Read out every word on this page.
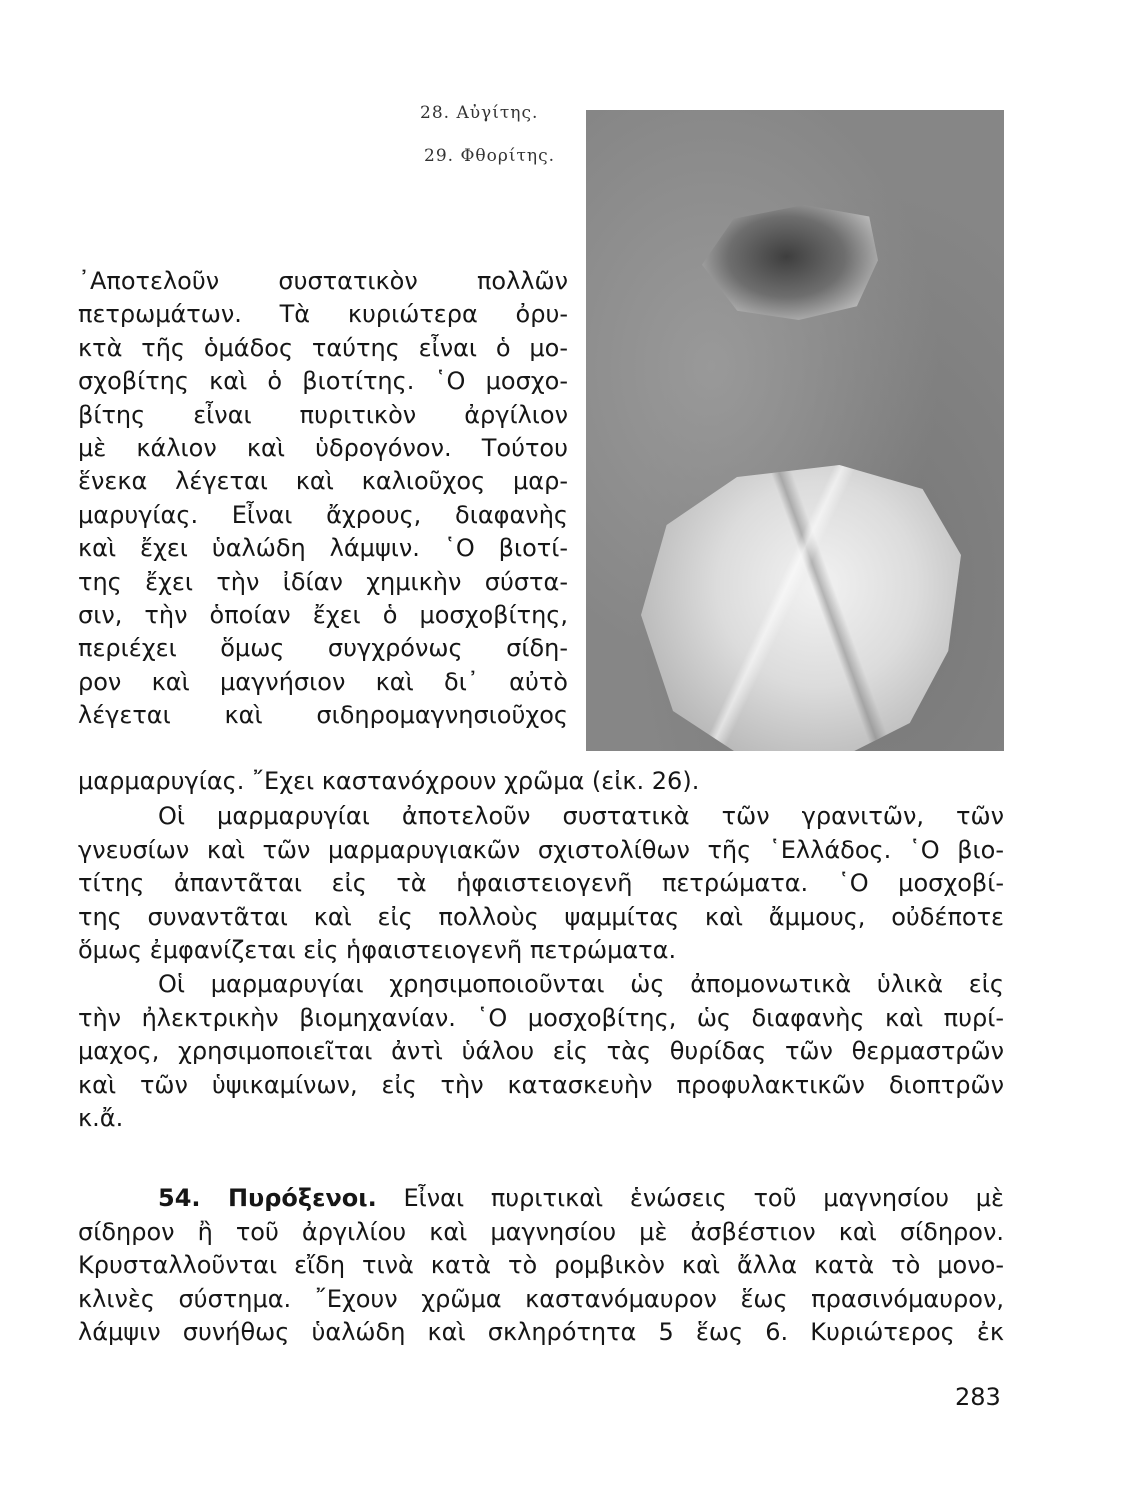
28. Αὐγίτης.
29. Φθορίτης.
᾽Αποτελοῦν συστατικὸν πολλῶν
πετρωμάτων. Τὰ κυριώτερα ὀρυ-
κτὰ τῆς ὁμάδος ταύτης εἶναι ὁ μο-
σχοβίτης καὶ ὁ βιοτίτης. ῾Ο μοσχο-
βίτης εἶναι πυριτικὸν ἀργίλιον
μὲ κάλιον καὶ ὑδρογόνον. Τούτου
ἕνεκα λέγεται καὶ καλιοῦχος μαρ-
μαρυγίας. Εἶναι ἄχρους, διαφανὴς
καὶ ἔχει ὑαλώδη λάμψιν. ῾Ο βιοτί-
της ἔχει τὴν ἰδίαν χημικὴν σύστα-
σιν, τὴν ὁποίαν ἔχει ὁ μοσχοβίτης,
περιέχει ὅμως συγχρόνως σίδη-
ρον καὶ μαγνήσιον καὶ δι᾽ αὐτὸ
λέγεται καὶ σιδηρομαγνησιοῦχος
μαρμαρυγίας. ῎Εχει καστανόχρουν χρῶμα (εἰκ. 26).
Οἱ μαρμαρυγίαι ἀποτελοῦν συστατικὰ τῶν γρανιτῶν, τῶν
γνευσίων καὶ τῶν μαρμαρυγιακῶν σχιστολίθων τῆς ῾Ελλάδος. ῾Ο βιο-
τίτης ἀπαντᾶται εἰς τὰ ἡφαιστειογενῆ πετρώματα. ῾Ο μοσχοβί-
της συναντᾶται καὶ εἰς πολλοὺς ψαμμίτας καὶ ἄμμους, οὐδέποτε
ὅμως ἐμφανίζεται εἰς ἡφαιστειογενῆ πετρώματα.
Οἱ μαρμαρυγίαι χρησιμοποιοῦνται ὡς ἀπομονωτικὰ ὑλικὰ εἰς
τὴν ἠλεκτρικὴν βιομηχανίαν. ῾Ο μοσχοβίτης, ὡς διαφανὴς καὶ πυρί-
μαχος, χρησιμοποιεῖται ἀντὶ ὑάλου εἰς τὰς θυρίδας τῶν θερμαστρῶν
καὶ τῶν ὑψικαμίνων, εἰς τὴν κατασκευὴν προφυλακτικῶν διοπτρῶν
κ.ἄ.
54. Πυρόξενοι. Εἶναι πυριτικαὶ ἑνώσεις τοῦ μαγνησίου μὲ
σίδηρον ἢ τοῦ ἀργιλίου καὶ μαγνησίου μὲ ἀσβέστιον καὶ σίδηρον.
Κρυσταλλοῦνται εἴδη τινὰ κατὰ τὸ ρομβικὸν καὶ ἄλλα κατὰ τὸ μονο-
κλινὲς σύστημα. ῎Εχουν χρῶμα καστανόμαυρον ἕως πρασινόμαυρον,
λάμψιν συνήθως ὑαλώδη καὶ σκληρότητα 5 ἕως 6. Κυριώτερος ἐκ
283
